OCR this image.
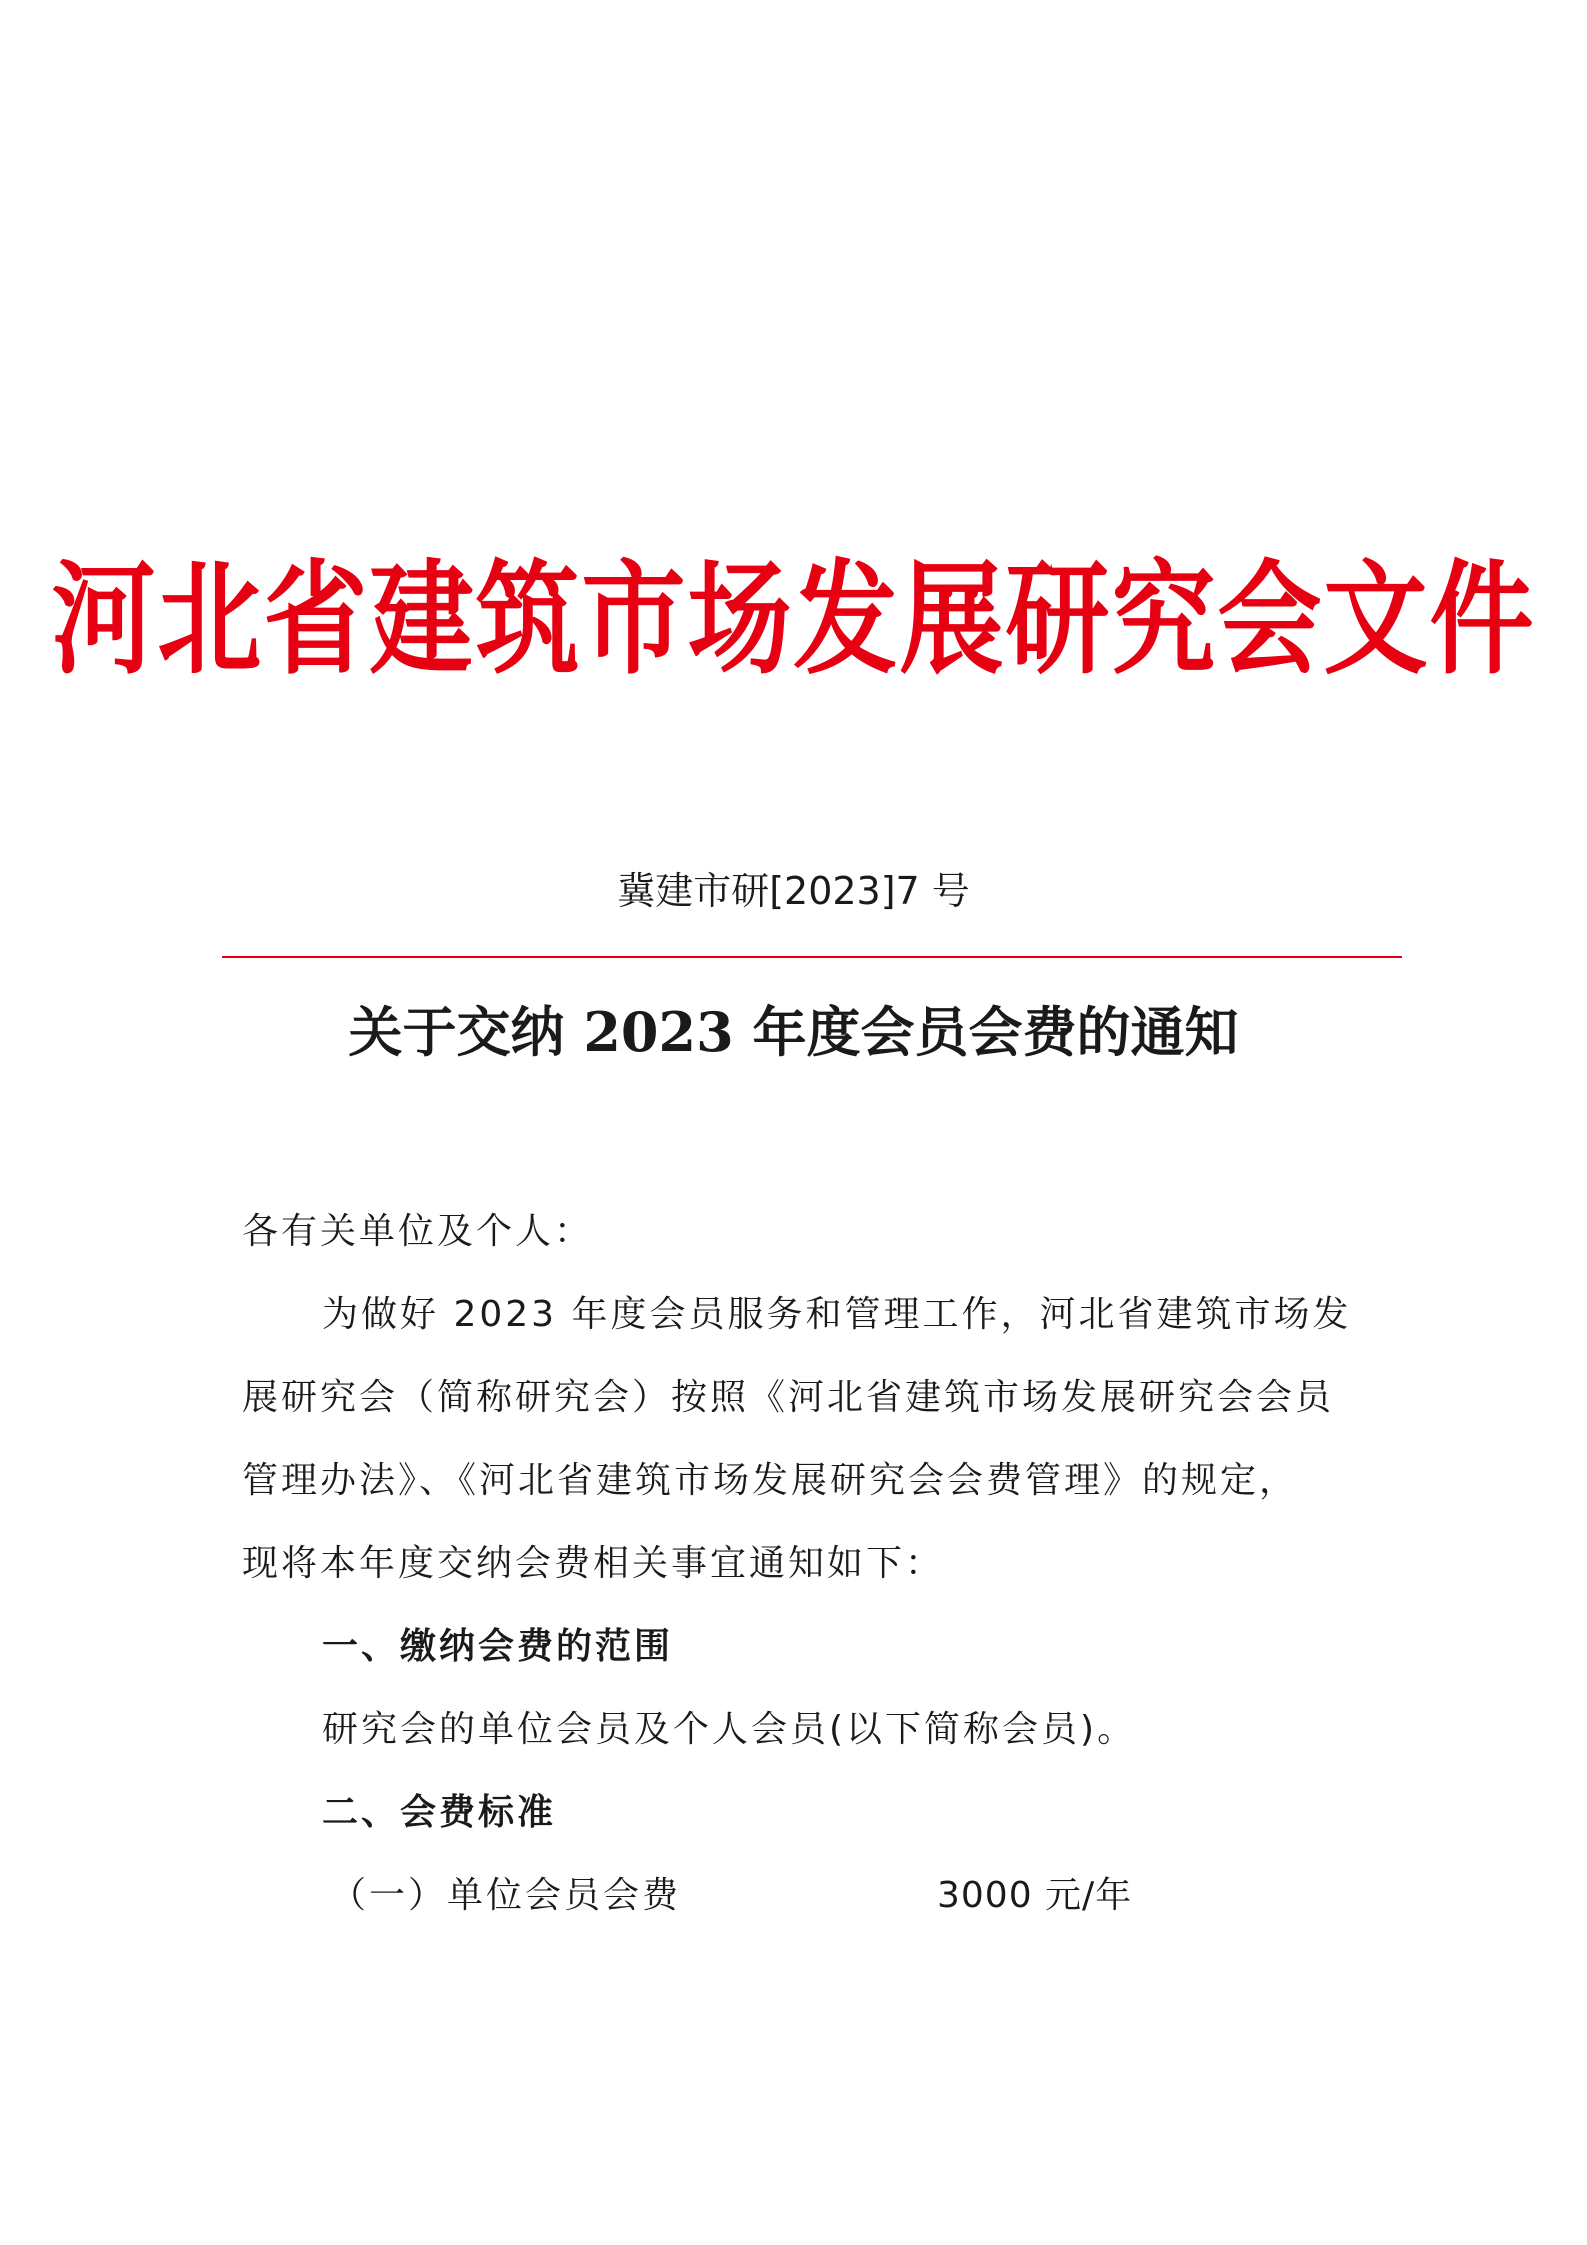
河北省建筑市场发展研究会文件
冀建市研[2023]7 号
关于交纳 2023 年度会员会费的通知
各有关单位及个人：
为做好 2023 年度会员服务和管理工作，河北省建筑市场发
展研究会（简称研究会）按照《河北省建筑市场发展研究会会员
管理办法》、《河北省建筑市场发展研究会会费管理》的规定，
现将本年度交纳会费相关事宜通知如下：
一、缴纳会费的范围
研究会的单位会员及个人会员(以下简称会员)。
二、会费标准
（一）单位会员会费	3000 元/年
